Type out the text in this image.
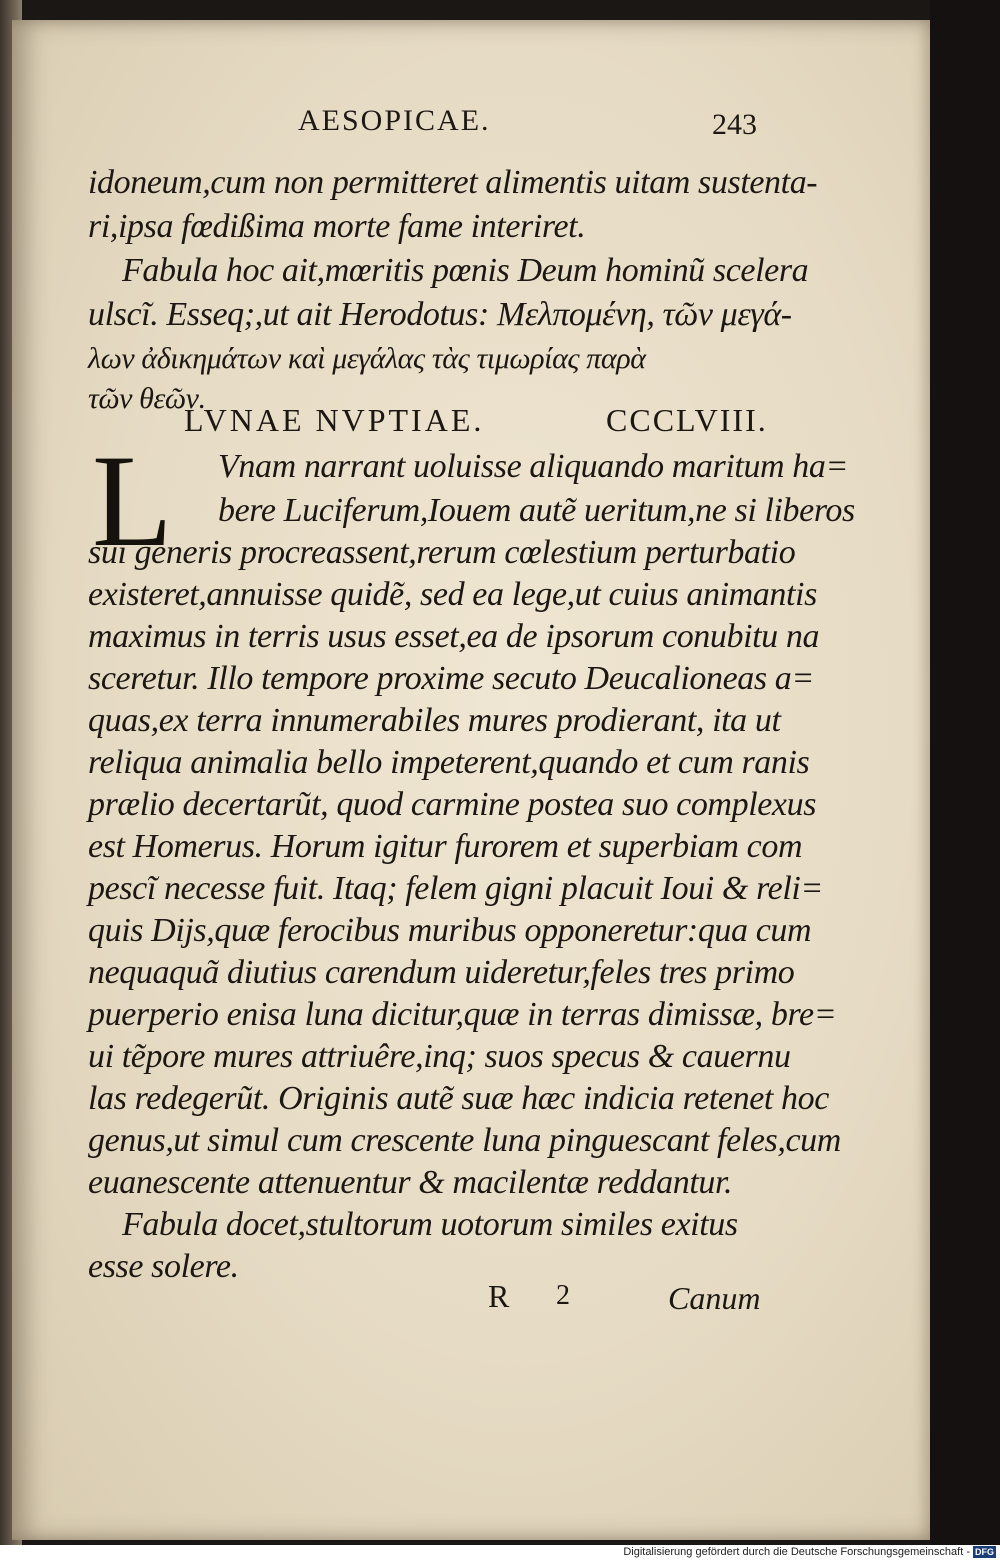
AESOPICAE.	243
idoneum,cum non permitteret alimentis uitam sustenta-
ri,ipsa fœdißima morte fame interiret.
Fabula hoc ait,mœritis pœnis Deum hominũ scelera
ulscĩ. Esseq;,ut ait Herodotus: Μελπομένη, τῶν μεγά-
λων ἀδικημάτων καὶ μεγάλας τὰς τιμωρίας παρὰ
τῶν θεῶν.
Vnam narrant uoluisse aliquando maritum ha=
bere Luciferum,Iouem autẽ ueritum,ne si liberos
sui generis procreassent,rerum cœlestium perturbatio
existeret,annuisse quidẽ, sed ea lege,ut cuius animantis
maximus in terris usus esset,ea de ipsorum conubitu na
sceretur. Illo tempore proxime secuto Deucalioneas a=
quas,ex terra innumerabiles mures prodierant, ita ut
reliqua animalia bello impeterent,quando et cum ranis
prælio decertarũt, quod carmine postea suo complexus
est Homerus. Horum igitur furorem et superbiam com
pescĩ necesse fuit. Itaq; felem gigni placuit Ioui & reli=
quis Dijs,quæ ferocibus muribus opponeretur:qua cum
nequaquã diutius carendum uideretur,feles tres primo
puerperio enisa luna dicitur,quæ in terras dimissæ, bre=
ui tẽpore mures attriuêre,inq; suos specus & cauernu
las redegerũt. Originis autẽ suæ hæc indicia retenet hoc
genus,ut simul cum crescente luna pinguescant feles,cum
euanescente attenuentur & macilentæ reddantur.
Fabula docet,stultorum uotorum similes exitus
esse solere.
LVNAE NVPTIAE.	CCCLVIII.
L
R 2	Canum
Digitalisierung gefördert durch die Deutsche Forschungsgemeinschaft - DFG
